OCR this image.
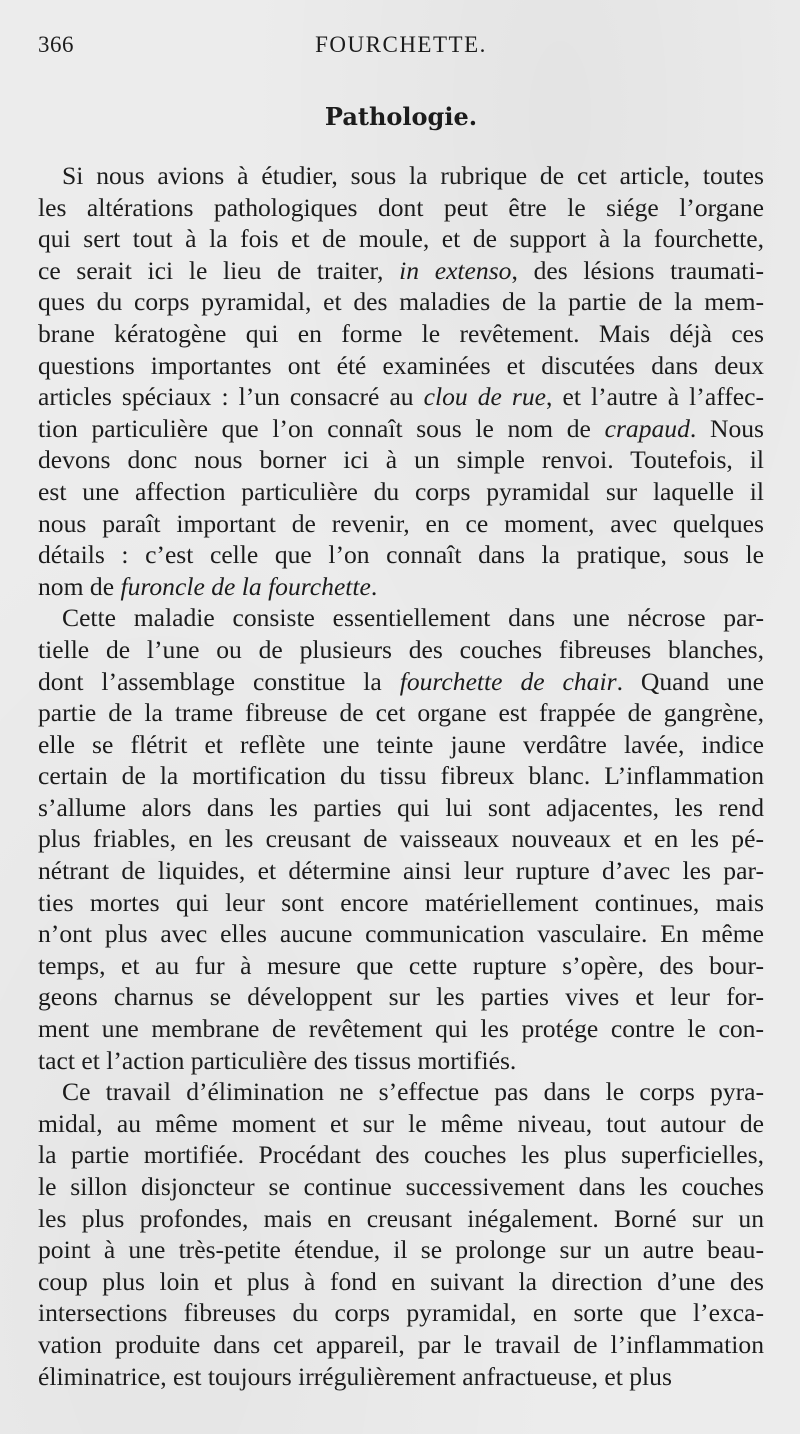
366	FOURCHETTE.
Pathologie.
Si nous avions à étudier, sous la rubrique de cet article, toutes
les altérations pathologiques dont peut être le siége l’organe
qui sert tout à la fois et de moule, et de support à la fourchette,
ce serait ici le lieu de traiter, in extenso, des lésions traumati-
ques du corps pyramidal, et des maladies de la partie de la mem-
brane kératogène qui en forme le revêtement. Mais déjà ces
questions importantes ont été examinées et discutées dans deux
articles spéciaux : l’un consacré au clou de rue, et l’autre à l’affec-
tion particulière que l’on connaît sous le nom de crapaud. Nous
devons donc nous borner ici à un simple renvoi. Toutefois, il
est une affection particulière du corps pyramidal sur laquelle il
nous paraît important de revenir, en ce moment, avec quelques
détails : c’est celle que l’on connaît dans la pratique, sous le
nom de furoncle de la fourchette.
Cette maladie consiste essentiellement dans une nécrose par-
tielle de l’une ou de plusieurs des couches fibreuses blanches,
dont l’assemblage constitue la fourchette de chair. Quand une
partie de la trame fibreuse de cet organe est frappée de gangrène,
elle se flétrit et reflète une teinte jaune verdâtre lavée, indice
certain de la mortification du tissu fibreux blanc. L’inflammation
s’allume alors dans les parties qui lui sont adjacentes, les rend
plus friables, en les creusant de vaisseaux nouveaux et en les pé-
nétrant de liquides, et détermine ainsi leur rupture d’avec les par-
ties mortes qui leur sont encore matériellement continues, mais
n’ont plus avec elles aucune communication vasculaire. En même
temps, et au fur à mesure que cette rupture s’opère, des bour-
geons charnus se développent sur les parties vives et leur for-
ment une membrane de revêtement qui les protége contre le con-
tact et l’action particulière des tissus mortifiés.
Ce travail d’élimination ne s’effectue pas dans le corps pyra-
midal, au même moment et sur le même niveau, tout autour de
la partie mortifiée. Procédant des couches les plus superficielles,
le sillon disjoncteur se continue successivement dans les couches
les plus profondes, mais en creusant inégalement. Borné sur un
point à une très-petite étendue, il se prolonge sur un autre beau-
coup plus loin et plus à fond en suivant la direction d’une des
intersections fibreuses du corps pyramidal, en sorte que l’exca-
vation produite dans cet appareil, par le travail de l’inflammation
éliminatrice, est toujours irrégulièrement anfractueuse, et plus
